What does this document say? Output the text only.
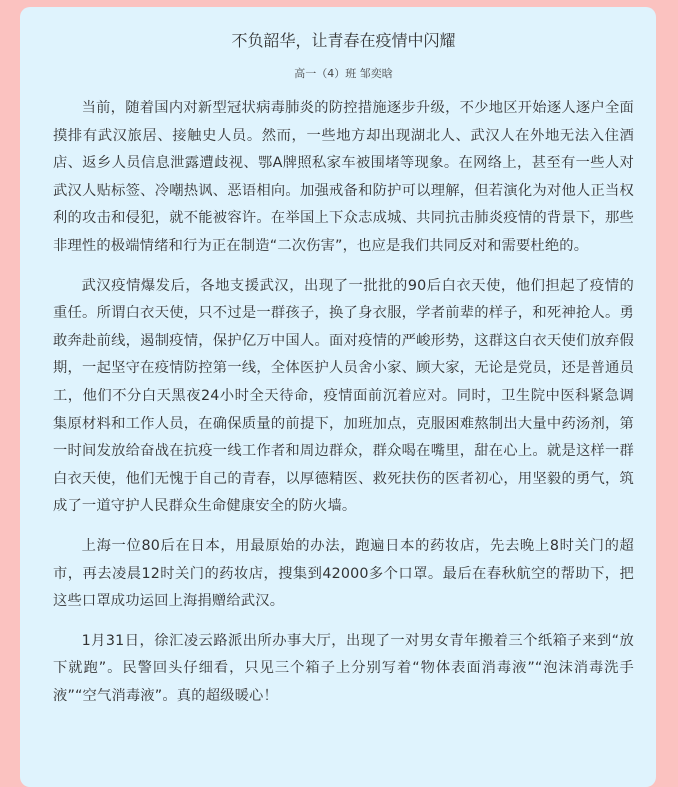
不负韶华，让青春在疫情中闪耀
高一（4）班 邹奕晗

当前，随着国内对新型冠状病毒肺炎的防控措施逐步升级，不少地区开始逐人逐户全面摸排有武汉旅居、接触史人员。然而，一些地方却出现湖北人、武汉人在外地无法入住酒店、返乡人员信息泄露遭歧视、鄂A牌照私家车被围堵等现象。在网络上，甚至有一些人对武汉人贴标签、冷嘲热讽、恶语相向。加强戒备和防护可以理解，但若演化为对他人正当权利的攻击和侵犯，就不能被容许。在举国上下众志成城、共同抗击肺炎疫情的背景下，那些非理性的极端情绪和行为正在制造“二次伤害”，也应是我们共同反对和需要杜绝的。

武汉疫情爆发后，各地支援武汉，出现了一批批的90后白衣天使，他们担起了疫情的重任。所谓白衣天使，只不过是一群孩子，换了身衣服，学者前辈的样子，和死神抢人。勇敢奔赴前线，遏制疫情，保护亿万中国人。面对疫情的严峻形势，这群这白衣天使们放弃假期，一起坚守在疫情防控第一线，全体医护人员舍小家、顾大家，无论是党员，还是普通员工，他们不分白天黑夜24小时全天待命，疫情面前沉着应对。同时，卫生院中医科紧急调集原材料和工作人员，在确保质量的前提下，加班加点，克服困难熬制出大量中药汤剂，第一时间发放给奋战在抗疫一线工作者和周边群众，群众喝在嘴里，甜在心上。就是这样一群白衣天使，他们无愧于自己的青春，以厚德精医、救死扶伤的医者初心，用坚毅的勇气，筑成了一道守护人民群众生命健康安全的防火墙。

上海一位80后在日本，用最原始的办法，跑遍日本的药妆店，先去晚上8时关门的超市，再去凌晨12时关门的药妆店，搜集到42000多个口罩。最后在春秋航空的帮助下，把这些口罩成功运回上海捐赠给武汉。

1月31日，徐汇凌云路派出所办事大厅，出现了一对男女青年搬着三个纸箱子来到“放下就跑”。民警回头仔细看，只见三个箱子上分别写着“物体表面消毒液”“泡沫消毒洗手液”“空气消毒液”。真的超级暖心！
